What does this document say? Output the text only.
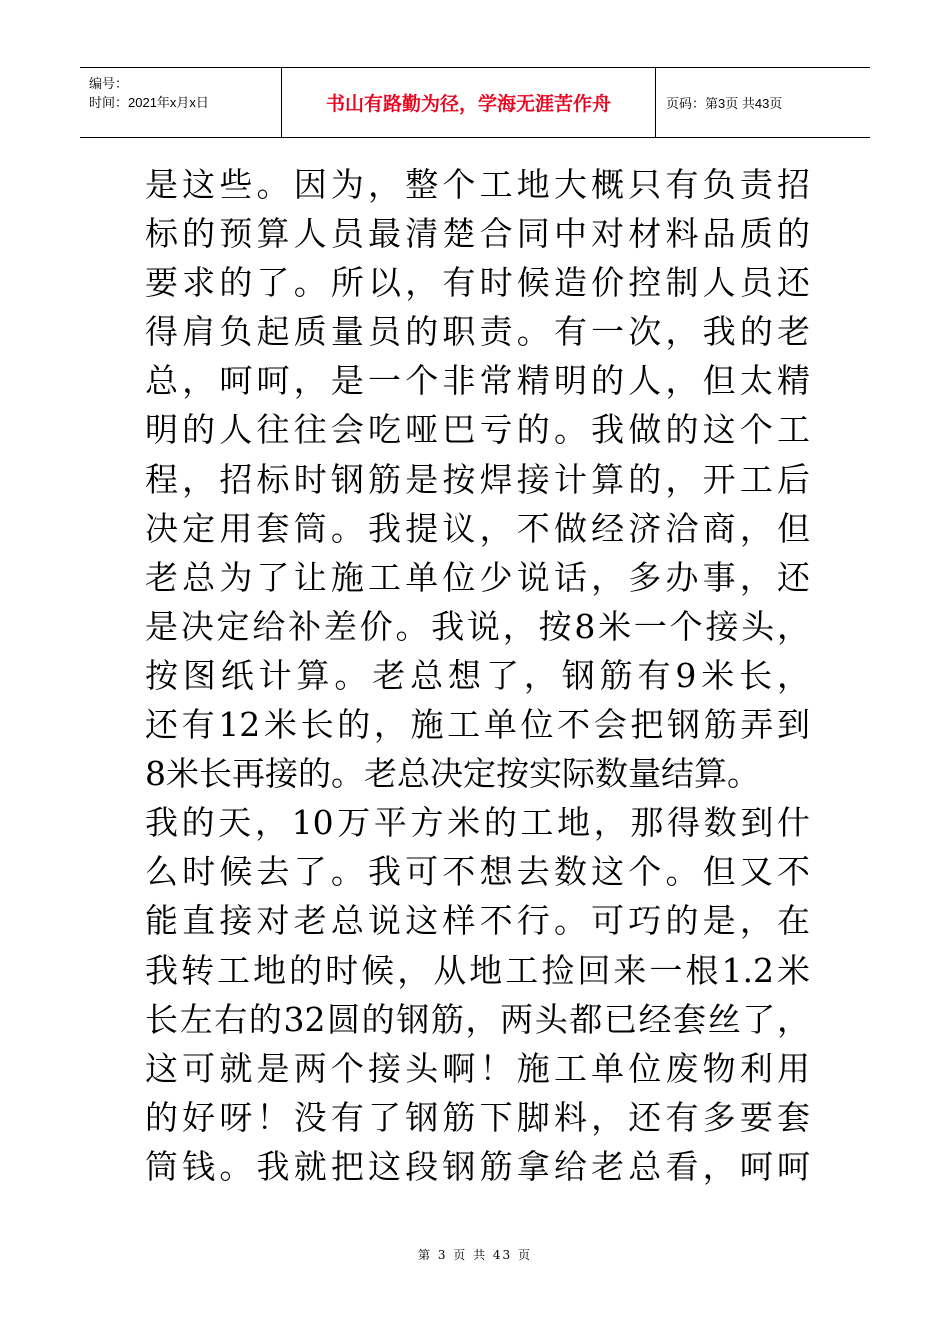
编号：
时间：2021年x月x日	书山有路勤为径，学海无涯苦作舟	页码：第3页 共43页
是这些。因为，整个工地大概只有负责招
标的预算人员最清楚合同中对材料品质的
要求的了。所以，有时候造价控制人员还
得肩负起质量员的职责。有一次，我的老
总，呵呵，是一个非常精明的人，但太精
明的人往往会吃哑巴亏的。我做的这个工
程，招标时钢筋是按焊接计算的，开工后
决定用套筒。我提议，不做经济洽商，但
老总为了让施工单位少说话，多办事，还
是决定给补差价。我说，按8米一个接头，
按图纸计算。老总想了，钢筋有9米长，
还有12米长的，施工单位不会把钢筋弄到
8米长再接的。老总决定按实际数量结算。
我的天，10万平方米的工地，那得数到什
么时候去了。我可不想去数这个。但又不
能直接对老总说这样不行。可巧的是，在
我转工地的时候，从地工捡回来一根1.2米
长左右的32圆的钢筋，两头都已经套丝了，
这可就是两个接头啊！施工单位废物利用
的好呀！没有了钢筋下脚料，还有多要套
筒钱。我就把这段钢筋拿给老总看，呵呵
第 3 页 共 43 页
